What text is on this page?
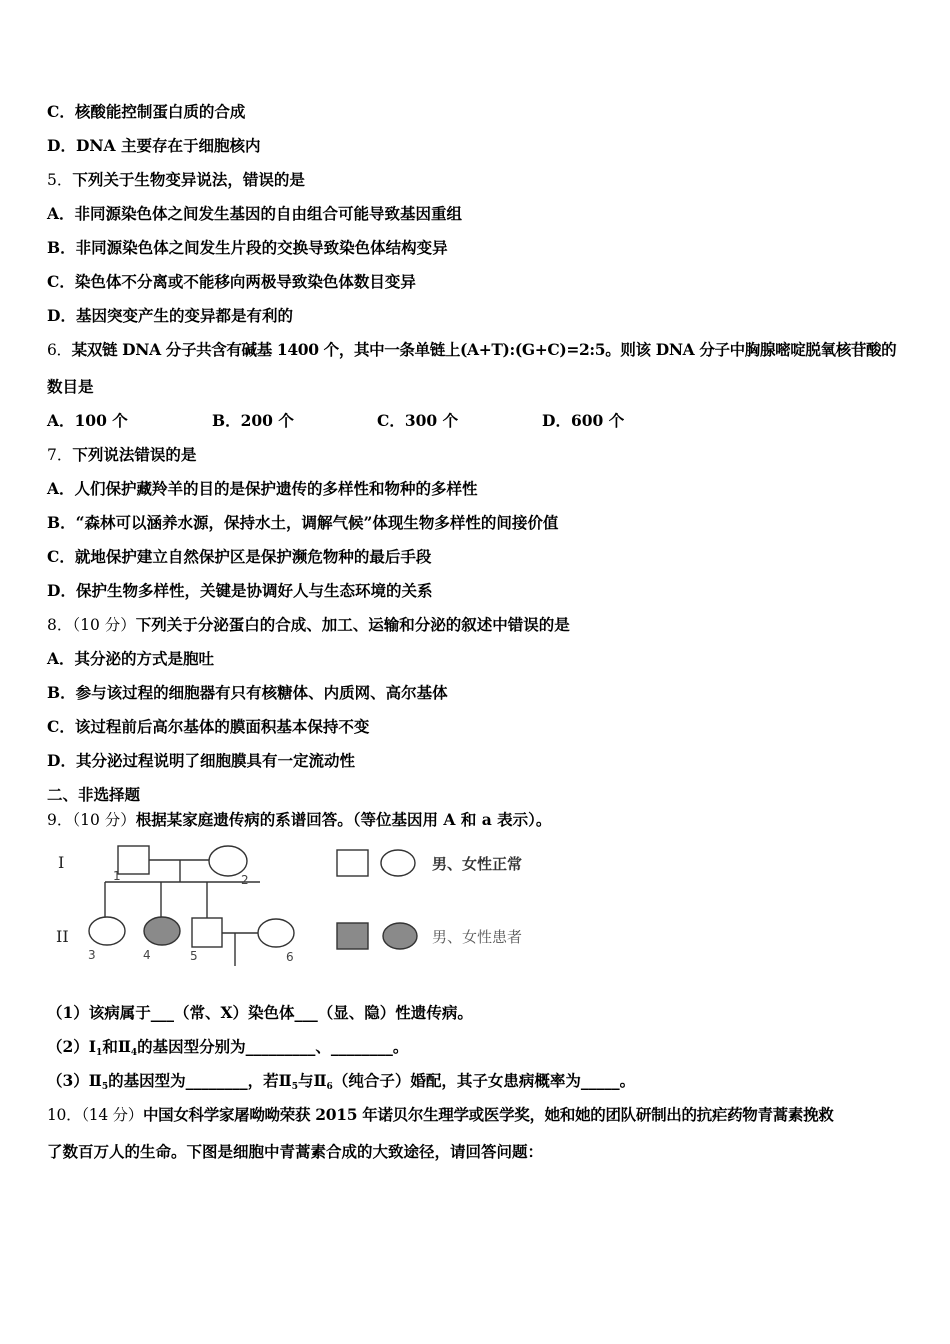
C．核酸能控制蛋白质的合成
D．DNA 主要存在于细胞核内
5．下列关于生物变异说法，错误的是
A．非同源染色体之间发生基因的自由组合可能导致基因重组
B．非同源染色体之间发生片段的交换导致染色体结构变异
C．染色体不分离或不能移向两极导致染色体数目变异
D．基因突变产生的变异都是有利的
6．某双链 DNA 分子共含有碱基 1400 个，其中一条单链上(A+T):(G+C)=2:5。则该 DNA 分子中胸腺嘧啶脱氧核苷酸的
数目是
A．100 个	B．200 个	C．300 个	D．600 个
7．下列说法错误的是
A．人们保护藏羚羊的目的是保护遗传的多样性和物种的多样性
B．“森林可以涵养水源，保持水土，调解气候”体现生物多样性的间接价值
C．就地保护建立自然保护区是保护濒危物种的最后手段
D．保护生物多样性，关键是协调好人与生态环境的关系
8．（10 分）下列关于分泌蛋白的合成、加工、运输和分泌的叙述中错误的是
A．其分泌的方式是胞吐
B．参与该过程的细胞器有只有核糖体、内质网、高尔基体
C．该过程前后高尔基体的膜面积基本保持不变
D．其分泌过程说明了细胞膜具有一定流动性
二、非选择题
9．（10 分）根据某家庭遗传病的系谱回答。（等位基因用 A 和 a 表示）。
I
II
1	2
3	4	5	6
男、女性正常
男、女性患者
（1）该病属于___（常、X）染色体___（显、隐）性遗传病。
$(2)Ⅰ_1$和$Ⅱ_4$的基因型分别为_________、________。
$(3)Ⅱ_5$的基因型为________，若$Ⅱ_5$与$Ⅱ_6$（纯合子）婚配，其子女患病概率为_____。
10．（14 分）中国女科学家屠呦呦荣获 2015 年诺贝尔生理学或医学奖，她和她的团队研制出的抗疟药物青蒿素挽救
了数百万人的生命。下图是细胞中青蒿素合成的大致途径，请回答问题：
